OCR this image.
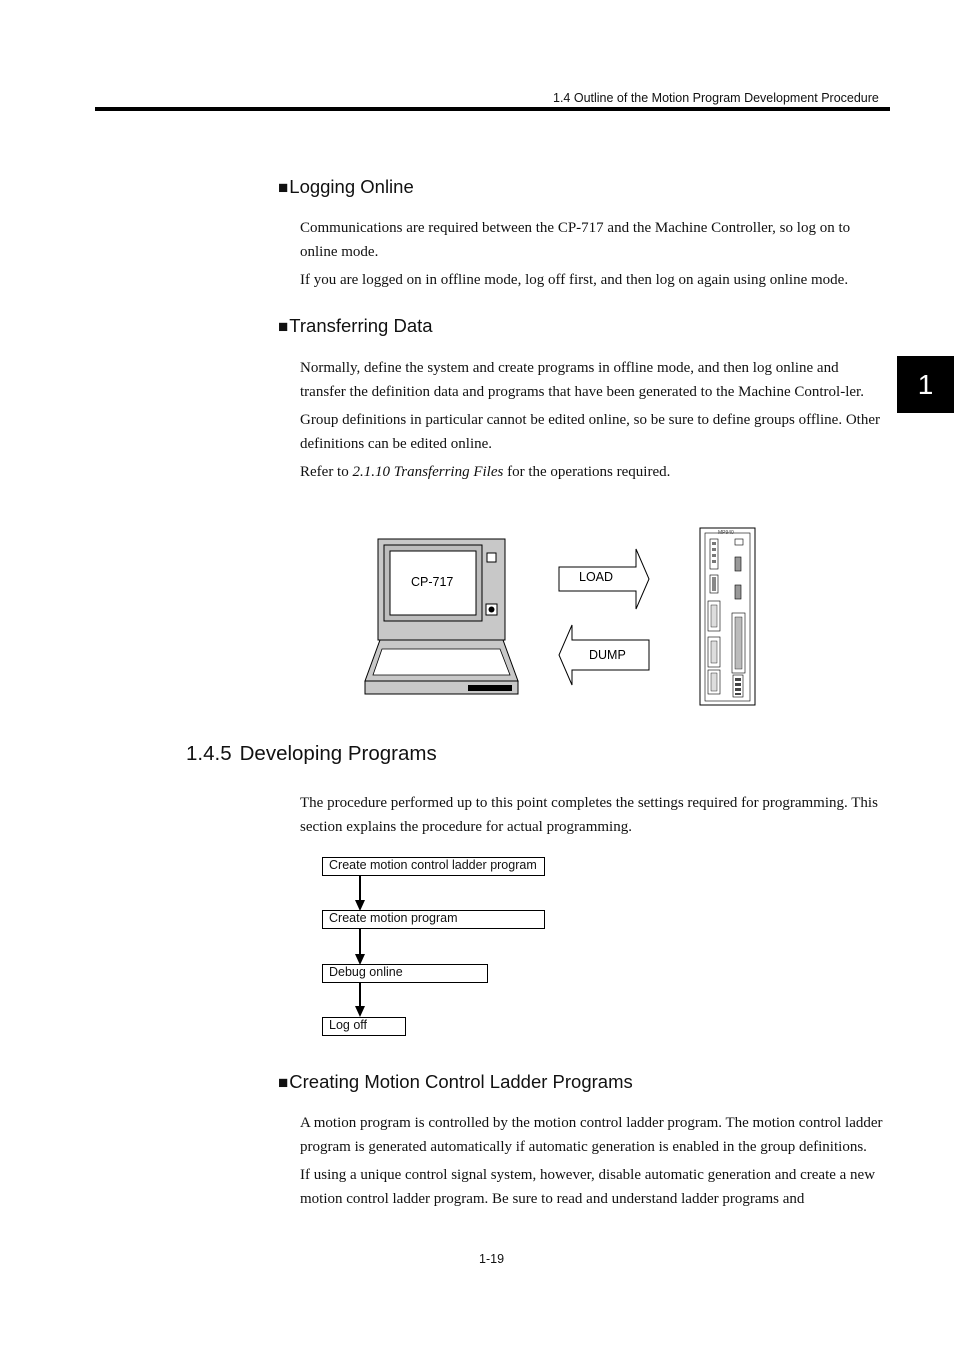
1.4 Outline of the Motion Program Development Procedure
1
■Logging Online

Communications are required between the CP-717 and the Machine Controller, so log on to online mode.

If you are logged on in offline mode, log off first, and then log on again using online mode.

■Transferring Data

Normally, define the system and create programs in offline mode, and then log online and transfer the definition data and programs that have been generated to the Machine Control-ler.

Group definitions in particular cannot be edited online, so be sure to define groups offline. Other definitions can be edited online.

Refer to 2.1.10 Transferring Files for the operations required.

CP-717	LOAD
DUMP
MP940
1.4.5 Developing Programs

The procedure performed up to this point completes the settings required for programming. This section explains the procedure for actual programming.

Create motion control ladder program
Create motion program
Debug online
Log off
■Creating Motion Control Ladder Programs

A motion program is controlled by the motion control ladder program. The motion control ladder program is generated automatically if automatic generation is enabled in the group definitions.

If using a unique control signal system, however, disable automatic generation and create a new motion control ladder program. Be sure to read and understand ladder programs and

1-19
